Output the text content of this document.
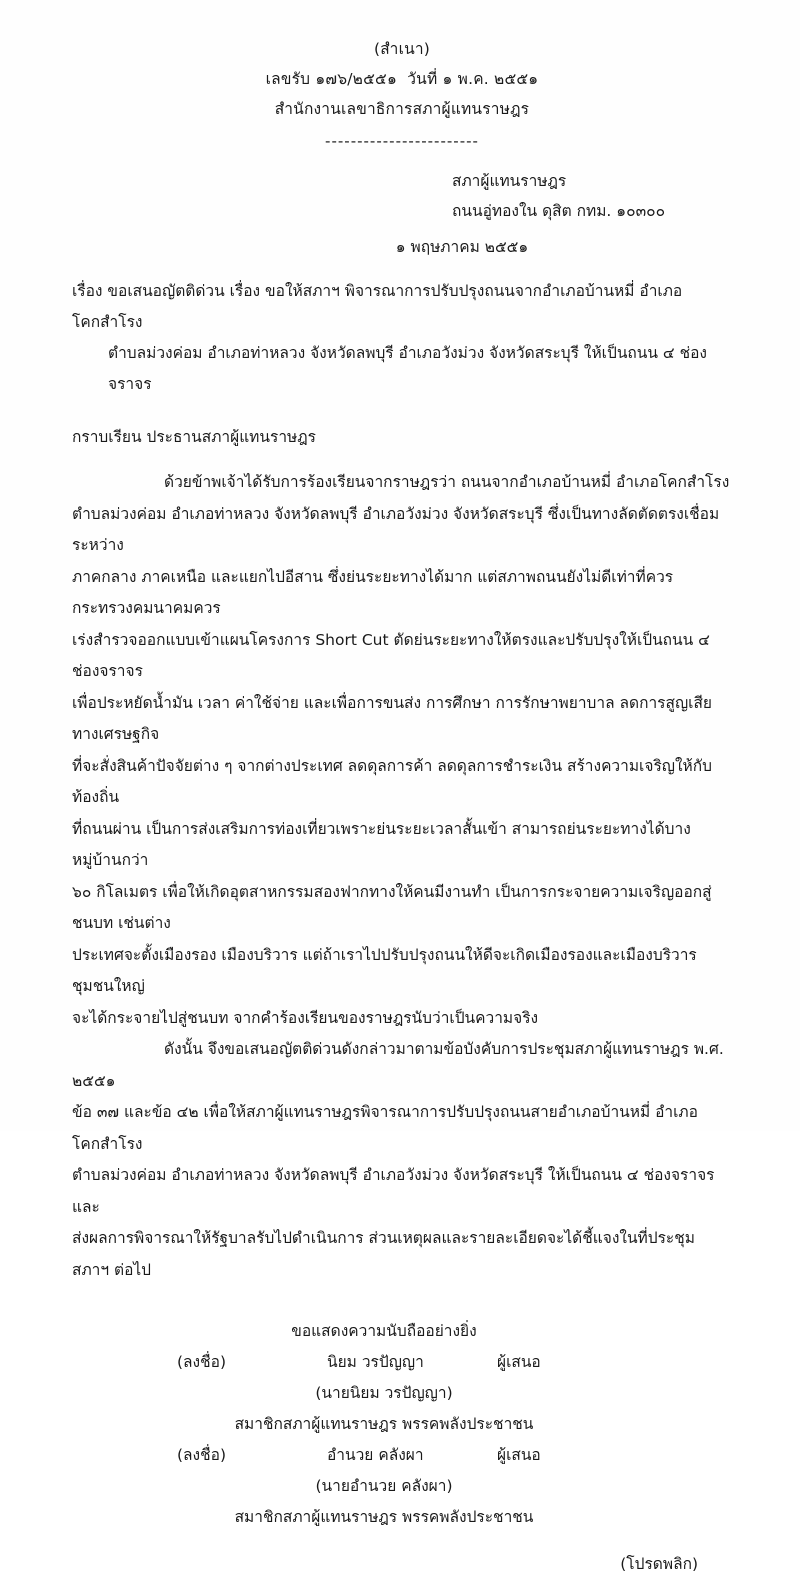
(สำเนา)
เลขรับ ๑๗๖/๒๕๕๑  วันที่ ๑ พ.ค. ๒๕๕๑
สำนักงานเลขาธิการสภาผู้แทนราษฎร
------------------------
สภาผู้แทนราษฎร
ถนนอู่ทองใน ดุสิต กทม. ๑๐๓๐๐
๑ พฤษภาคม ๒๕๕๑
เรื่อง ขอเสนอญัตติด่วน เรื่อง ขอให้สภาฯ พิจารณาการปรับปรุงถนนจากอำเภอบ้านหมี่ อำเภอโคกสำโรง
ตำบลม่วงค่อม อำเภอท่าหลวง จังหวัดลพบุรี อำเภอวังม่วง จังหวัดสระบุรี ให้เป็นถนน ๔ ช่องจราจร
กราบเรียน ประธานสภาผู้แทนราษฎร
ด้วยข้าพเจ้าได้รับการร้องเรียนจากราษฎรว่า ถนนจากอำเภอบ้านหมี่ อำเภอโคกสำโรง
ตำบลม่วงค่อม อำเภอท่าหลวง จังหวัดลพบุรี อำเภอวังม่วง จังหวัดสระบุรี ซึ่งเป็นทางลัดตัดตรงเชื่อมระหว่าง
ภาคกลาง ภาคเหนือ และแยกไปอีสาน ซึ่งย่นระยะทางได้มาก แต่สภาพถนนยังไม่ดีเท่าที่ควร กระทรวงคมนาคมควร
เร่งสำรวจออกแบบเข้าแผนโครงการ Short Cut ตัดย่นระยะทางให้ตรงและปรับปรุงให้เป็นถนน ๔ ช่องจราจร
เพื่อประหยัดน้ำมัน เวลา ค่าใช้จ่าย และเพื่อการขนส่ง การศึกษา การรักษาพยาบาล ลดการสูญเสียทางเศรษฐกิจ
ที่จะสั่งสินค้าปัจจัยต่าง ๆ จากต่างประเทศ ลดดุลการค้า ลดดุลการชำระเงิน สร้างความเจริญให้กับท้องถิ่น
ที่ถนนผ่าน เป็นการส่งเสริมการท่องเที่ยวเพราะย่นระยะเวลาสั้นเข้า สามารถย่นระยะทางได้บางหมู่บ้านกว่า
๖๐ กิโลเมตร เพื่อให้เกิดอุตสาหกรรมสองฟากทางให้คนมีงานทำ เป็นการกระจายความเจริญออกสู่ชนบท เช่นต่าง
ประเทศจะตั้งเมืองรอง เมืองบริวาร แต่ถ้าเราไปปรับปรุงถนนให้ดีจะเกิดเมืองรองและเมืองบริวาร ชุมชนใหญ่
จะได้กระจายไปสู่ชนบท จากคำร้องเรียนของราษฎรนับว่าเป็นความจริง
ดังนั้น จึงขอเสนอญัตติด่วนดังกล่าวมาตามข้อบังคับการประชุมสภาผู้แทนราษฎร พ.ศ. ๒๕๕๑
ข้อ ๓๗ และข้อ ๔๒ เพื่อให้สภาผู้แทนราษฎรพิจารณาการปรับปรุงถนนสายอำเภอบ้านหมี่ อำเภอโคกสำโรง
ตำบลม่วงค่อม อำเภอท่าหลวง จังหวัดลพบุรี อำเภอวังม่วง จังหวัดสระบุรี ให้เป็นถนน ๔ ช่องจราจร และ
ส่งผลการพิจารณาให้รัฐบาลรับไปดำเนินการ ส่วนเหตุผลและรายละเอียดจะได้ชี้แจงในที่ประชุมสภาฯ ต่อไป
ขอแสดงความนับถืออย่างยิ่ง
(ลงชื่อ)	นิยม วรปัญญา	ผู้เสนอ
(นายนิยม วรปัญญา)
สมาชิกสภาผู้แทนราษฎร พรรคพลังประชาชน
(ลงชื่อ)	อำนวย คลังผา	ผู้เสนอ
(นายอำนวย คลังผา)
สมาชิกสภาผู้แทนราษฎร พรรคพลังประชาชน
(โปรดพลิก)
